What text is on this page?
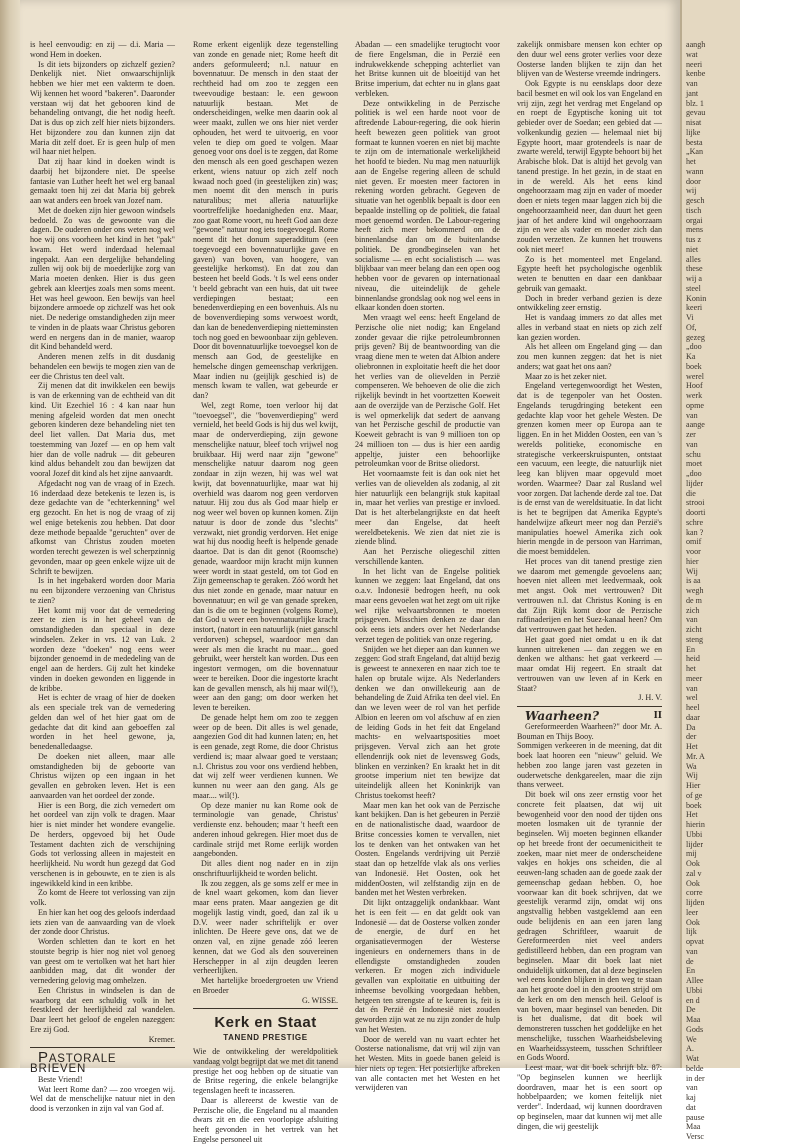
is heel eenvoudig: en zij — d.i. Maria — wond Hem in doeken.

Is dit iets bijzonders op zichzelf gezien? Denkelijk niet. Niet onwaarschijnlijk hebben we hier met een vakterm te doen. Wij kennen het woord "bakeren". Daaronder verstaan wij dat het gebooren kind de behandeling ontvangt, die het nodig heeft. Dat is dus op zich zelf hier niets bijzonders. Het bijzondere zou dan kunnen zijn dat Maria dit zelf doet. Er is geen hulp of men wil haar niet helpen.

Dat zij haar kind in doeken windt is daarbij het bijzondere niet. De speelse fantasie van Luther heeft het wel erg banaal gemaakt toen hij zei dat Maria bij gebrek aan wat anders een broek van Jozef nam.

Met de doeken zijn hier gewoon windsels bedoeld. Zo was de gewoonte van die dagen. De ouderen onder ons weten nog wel hoe wij ons voorheen het kind in het "pak" kwam. Het werd inderdaad helemaal ingepakt. Aan een dergelijke behandeling zullen wij ook bij de moederlijke zorg van Maria moeten denken. Hier is dus geen gebrek aan kleertjes zoals men soms meent. Het was heel gewoon. Een bewijs van heel bijzondere armoede op zichzelf was het ook niet. De nederige omstandigheden zijn meer te vinden in de plaats waar Christus geboren werd en nergens dan in de manier, waarop dit Kind behandeld werd.

Anderen menen zelfs in dit dusdanig behandelen een bewijs te mogen zien van de eer die Christus ten deel valt.

Zij menen dat dit inwikkelen een bewijs is van de erkenning van de echtheid van dit kind. Uit Ezechiel 16 : 4 kan naar hun mening afgeleid worden dat men onecht geboren kinderen deze behandeling niet ten deel liet vallen. Dat Maria dus, met toestemming van Jozef — en op hem valt hier dan de volle nadruk — dit gebeuren kind aldus behandelt zou dan bewijzen dat vooral Jozef dit kind als het zijne aanvaardt.

Afgedacht nog van de vraag of in Ezech. 16 inderdaad deze betekenis te lezen is, is deze gedachte van de "echterkenning" wel erg gezocht. En het is nog de vraag of zij wel enige betekenis zou hebben. Dat door deze methode bepaalde "geruchten" over de afkomst van Christus zouden moeten worden terecht gewezen is wel scherpzinnig gevonden, maar op geen enkele wijze uit de Schrift te bewijzen.

Is in het ingebakerd worden door Maria nu een bijzondere verzoening van Christus te zien?

Het komt mij voor dat de vernedering zeer te zien is in het geheel van de omstandigheden dan speciaal in deze windselen. Zeker in vrs. 12 van Luk. 2 worden deze "doeken" nog eens weer bijzonder genoemd in de mededeling van de engel aan de herders. Gij zult het kindeke vinden in doeken gewonden en liggende in de kribbe.

Het is echter de vraag of hier de doeken als een speciale trek van de vernedering gelden dan wel of het hier gaat om de gedachte dat dit kind aan geboeffen zal worden in het heel gewone, ja, benedenalledaagse.

De doeken niet alleen, maar alle omstandigheden bij de geboorte van Christus wijzen op een ingaan in het gevallen en gebroken leven. Het is een aanvaarden van het oordeel der zonde.

Hier is een Borg, die zich vernedert om het oordeel van zijn volk te dragen. Maar hier is niet minder het wondere evangelie. De herders, opgevoed bij het Oude Testament dachten zich de verschijning Gods tot verlossing alleen in majesteit en heerlijkheid. Nu wordt hun gezegd dat God verschenen is in gebouwte, en te zien is als ingewikkeld kind in een kribbe.

Zo komt de Heere tot verlossing van zijn volk.

En hier kan het oog des geloofs inderdaad iets zien van de aanvaarding van de vloek der zonde door Christus.

Worden schletten dan te kort en het stoutste begrip is hier nog niet vol genoeg van geest om te vertolken wat het hart hier aanbidden mag, dat dit wonder der vernedering gelovig mag omhelzen.

Een Christus in windselen is dan de waarborg dat een schuldig volk in het feestkleed der heerlijkheid zal wandelen. Daar leert het geloof de engelen nazeggen: Ere zij God.

Kremer.

PASTORALE BRIEVEN

Beste Vriend!

Wat leert Rome dan? — zoo vroegen wij. Wel dat de menschelijke natuur niet in den dood is verzonken in zijn val van God af.

Rome erkent eigenlijk deze tegenstelling van zonde en genade niet; Rome heeft dit anders geformuleerd; n.l. natuur en bovennatuur. De mensch in den staat der rechtheid had om zoo te zeggen een tweevoudige bestaan: le. een gewoon natuurlijk bestaan. Met de onderscheidingen, welke men daarin ook al weer maakt, zullen we ons hier niet verder ophouden, het werd te uitvoerig, en voor velen te diep om goed te volgen. Maar genoeg voor ons doel is te zeggen, dat Rome den mensch als een goed geschapen wezen erkent, wiens natuur op zich zelf noch kwaad noch goed (in geestelijken zin) was; men noemt dit den mensch in puris naturalibus; met alleria natuurlijke voortreffelijke hoedanigheden enz. Maar, zoo gaat Rome voort, nu heeft God aan deze "gewone" natuur nog iets toegevoegd. Rome noemt dit het donum superadditum (een toegevoegd een bovennatuurlijke gave en gaven) van boven, van hoogere, van geestelijke herkomst). En dat zou dan besteen het beeld Gods. 't Is wel eens onder 't beeld gebracht van een huis, dat uit twee verdiepingen bestaat; een benedenverdieping en een bovenhuis. Als nu de bovenverdieping soms verwoest wordt, dan kan de benedenverdieping nietteminsten toch nog goed en bewoonbaar zijn gebleven. Door dit bovennatuurlijke toevoegsel kon de mensch aan God, de geestelijke en hemelsche dingen gemeenschap verkrijgen. Maar indien nu (geijlijk geschied is) de mensch kwam te vallen, wat gebeurde er dan?

Wel, zegt Rome, toen verloor hij dat "toevoegsel", die "bovenverdieping" werd vernield, het beeld Gods is hij dus wel kwijt, maar de onderverdieping, zijn gewone menschelijke natuur, bleef toch vrijwel nog bruikbaar. Hij werd naar zijn "gewone" menschelijke natuur daarom nog geen zondaar in zijn wezen, hij was wel wat kwijt, dat bovennatuurlijke, maar wat hij overhield was daarom nog geen verdorven natuur. Hij zou dus als God maar hielp er nog weer wel boven op kunnen komen. Zijn natuur is door de zonde dus "slechts" verzwakt, niet grondig verdorven. Het enige wat hij dus noodig heeft is helpende genade daartoe. Dat is dan dit genot (Roomsche) genade, waardoor mijn kracht mijn kunnen weer wordt in staat gesteld, om tot God en Zijn gemeenschap te geraken. Zóó wordt het dus niet zonde en genade, maar natuur en bovennatuur; en wil ge van genade spreken, dan is die om te beginnen (volgens Rome), dat God u weer een bovennatuurlijke kracht instort, (natort in een natuurlijk (niet ganschl verdorven) schepsel, waardoor men dan weer als men die kracht nu maar.... goed gebruikt, weer herstelt kan worden. Dus een ingestort vermogen, om die bovennatuur weer te bereiken. Door die ingestorte kracht kan de gevallen mensch, als hij maar wil(!), weer aan den gang; om door werken het leven te bereiken.

De genade helpt hem om zoo te zeggen weer op de been. Dit alles is wel genade, aangezien God dit had kunnen laten; en, het is een genade, zegt Rome, die door Christus verdiend is; maar alwaar goed te verstaan; n.l. Christus zou voor ons verdiend hebben, dat wij zelf weer verdienen kunnen. We kunnen nu weer aan den gang. Als ge maar.... wil(!).

Op deze manier nu kan Rome ook de terminologie van genade, Christus' verdienste enz. behouden; maar 't heeft een anderen inhoud gekregen. Hier moet dus de cardinale strijd met Rome eerlijk worden aangebonden.

Dit alles dient nog nader en in zijn onschriftuurlijkheid te worden belicht.

Ik zou zeggen, als ge soms zelf er mee in de knel waart gekomen, kom dan liever maar eens praten. Maar aangezien ge dit mogelijk lastig vindt, goed, dan zal ik u D.V. weer nader schriftelijk er over inlichten. De Heere geve ons, dat we de onzen val, en zijne genade zóó leeren kennen, dat we God als den souvereinen Herschepper in al zijn deugden leeren verheerlijken.

Met hartelijke broedergroeten uw Vriend en Broeder

G. WISSE.

Kerk en Staat
TANEND PRESTIGE

Wie de ontwikkeling der wereldpolitiek vandaag volgt begrijpt dat we met dit tanend prestige het oog hebben op de situatie van de Britse regering, die enkele belangrijke tegenslagen heeft te incasseren.

Daar is allereerst de kwestie van de Perzische olie, die Engeland nu al maanden dwars zit en die een voorlopige afsluiting heeft gevonden in het vertrek van het Engelse personeel uit

Abadan — een smadelijke terugtocht voor de fiere Engelsman, die in Perzië een indrukwekkende schepping achterliet van het Britse kunnen uit de bloeitijd van het Britse imperium, dat echter nu in glans gaat verbleken.

Deze ontwikkeling in de Perzische politiek is wel een harde noot voor de aftredende Labour-regering, die ook hierin heeft bewezen geen politiek van groot formaat te kunnen voeren en niet bij machte te zijn om de internationale werkelijkheid het hoofd te bieden. Nu mag men natuurlijk aan de Engelse regering alleen de schuld niet geven. Er moesten meer factoren in rekening worden gebracht. Gegeven de situatie van het ogenblik bepaalt is door een bepaalde instelling op de politiek, die fataal moet genoemd worden. De Labour-regering heeft zich meer bekommerd om de binnenlandse dan om de buitenlandse politiek. De grondbeginselen van het socialisme — en echt socialistisch — was blijkbaar van meer belang dan een open oog hebben voor de gevaren op internationaal niveau, die uiteindelijk de gehele binnenlandse grondslag ook nog wel eens in elkaar konden doen storten.

Men vraagt wel eens: heeft Engeland de Perzische olie niet nodig; kan Engeland zonder gevaar die rijke petroleumbronnen prijs geven? Bij de beantwoording van die vraag diene men te weten dat Albion andere oliebronnen in exploitatie heeft die het door het verlies van de olievelden in Perzië compenseren. We behoeven de olie die zich rijkelijk bevindt in het voortzetten Koeweit aan de overzijde van de Perzische Golf. Het is wel opmerkelijk dat sedert de aanvang van het Perzische geschil de productie van Koeweit gebracht is van 9 millioen ton op 24 millioen ton — dus is hier een aardig appeltje, juister een behoorlijke petroleumkan voor de Britse oliedorst.

Het voornaamste feit is dan ook niet het verlies van de olievelden als zodanig, al zit hier natuurlijk een belangrijk stuk kapitaal in, maar het verlies van prestige er invloed. Dat is het alterbelangrijkste en dat heeft meer dan Engelse, dat heeft wereldbetekenis. We zien dat niet zie is ziende blind.

Aan het Perzische oliegeschil zitten verschillende kanten.

In het licht van de Engelse politiek kunnen we zeggen: laat Engeland, dat ons o.a.v. Indonesië bedrogen heeft, nu ook maar eens gevoelen wat het zegt om uit rijke wel rijke welvaartsbronnen te moeten prijsgeven. Misschien denken ze daar dan ook eens iets anders over het Nederlandse verzet tegen de politiek van onze regering.

Snijden we het dieper aan dan kunnen we zeggen: God straft Engeland, dat altijd bezig is geweest te annexeren en naar zich toe te halen op brutale wijze. Als Nederlanders denken we dan onwillekeurig aan de behandeling de Zuid Afrika ten deel viel. En dan we leven weer de rol van het perfide Albion en leeren om vol afschuw af en zien de leiding Gods in het feit dat Engeland machts- en welvaartsposities moet prijsgeven. Verval zich aan het grote ellendenrijk ook niet de levensweg Gods, blinken en verzinken? En kraakt het in dit grootse imperium niet ten bewijze dat uiteindelijk alleen het Koninkrijk van Christus toekomst heeft?

Maar men kan het ook van de Perzische kant bekijken. Dan is het gebeuren in Perzië en de nationalistische daad, waardoor de Britse concessies komen te vervallen, niet los te denken van het ontwaken van het Oosten. Engelands verdrijving uit Perzië staat dan op hetzelfde vlak als ons verlies van Indonesië. Het Oosten, ook het middenOosten, wil zelfstandig zijn en de banden met het Westen verbreken.

Dit lijkt ontzaggelijk ondankbaar. Want het is een feit — en dat geldt ook van Indonesië — dat de Oosterse volken zonder de energie, de durf en het organisatievermogen der Westerse ingenieurs en ondernemers thans in de ellendigste omstandigheden zouden verkeren. Er mogen zich individuele gevallen van exploitatie en uitbuiting der inheemse bevolking voorgedaan hebben, hetgeen ten strengste af te keuren is, feit is dat én Perzië én Indonesië niet zouden geworden zijn wat ze nu zijn zonder de hulp van het Westen.

Door de wereld van nu vaart echter het Oosterse nationalisme, dat vrij wil zijn van het Westen. Mits in goede banen geleid is hier niets op tegen. Het potsierlijke afbreken van alle contacten met het Westen en het verwijderen van

zakelijk onmisbare mensen kon echter op den duur wel eens groter verlies voor deze Oosterse landen blijken te zijn dan het blijven van de Westerse vreemde indringers.

Ook Egypte is nu eensklaps door deze bacil besmet en wil ook los van Engeland en vrij zijn, zegt het verdrag met Engeland op en roept de Egyptische koning uit tot gebieder over de Soedan; een gebied dat — volkenkundig gezien — helemaal niet bij Egypte hoort, maar grotendeels is naar de zwarte wereld, terwijl Egypte behoort bij het Arabische blok. Dat is altijd het gevolg van tanend prestige. In het gezin, in de staat en in de wereld. Als het eens kind ongehoorzaam mag zijn en vader of moeder doen er niets tegen maar laggen zich bij die ongehoorzaamheid neer, dan duurt het geen jaar of het andere kind wil ongehoorzaam zijn en wee als vader en moeder zich dan zouden verzetten. Ze kunnen het trouwens ook niet meer!

Zo is het momenteel met Engeland. Egypte heeft het psychologische ogenblik weten te benutten en daar een dankbaar gebruik van gemaakt.

Doch in breder verband gezien is deze ontwikkeling zeer ernstig.

Het is vandaag immers zo dat alles met alles in verband staat en niets op zich zelf kan gezien worden.

Als het alleen om Engeland ging — dan zou men kunnen zeggen: dat het is niet anders; wat gaat het ons aan?

Maar zo is het zeker niet.

Engeland vertegenwoordigt het Westen, dat is de tegenpoler van het Oosten. Engelands terugdringing betekent een gedachte klap voor het gehele Westen. De grenzen komen meer op Europa aan te liggen. En in het Midden Oosten, een van 's werelds politieke, economische en strategische verkeerskruispunten, ontstaat een vacuum, een leegte, die natuurlijk niet leeg kan blijven maar opgevuld moet worden. Waarmee? Daar zal Rusland wel voor zorgen. Dat lachende derde zal toe. Dat is de ernst van de wereldsituatie. In dat licht is het te begrijpen dat Amerika Egypte's handelwijze afkeurt meer nog dan Perzië's manipulaties hoewel Amerika zich ook hierin mengde in de persoon van Harriman, die moest bemiddelen.

Het proces van dit tanend prestige zien we daarom met gemengde gevoelens aan; hoeven niet alleen met leedvermaak, ook met angst. Ook met vertrouwen? Dit vertrouwen n.l. dat Christus Koning is en dat Zijn Rijk komt door de Perzische raffinaderijen en het Suez-kanaal heen? Om dat vertrouwen gaat het heden.

Het gaat goed niet omdat u en ik dat kunnen uitrekenen — dan zeggen we en denken we althans: het gaat verkeerd — maar omdat Hij regeert. En straalt dat vertrouwen van uw leven af in Kerk en Staat?

J. H. V.

Waarheen?	II

Gereformeerden Waarheen?" door Mr. A. Bouman en Thijs Booy.

Sommigen verkeeren in de meening, dat dit boek laat hooren een "nieuw" geluid. We hebben zoo lange jaren vast gezeten in ouderwetsche denkgareelen, maar die zijn thans verweet.

Dit boek wil ons zeer ernstig voor het concrete feit plaatsen, dat wij uit bewogenheid voor den nood der tijden ons moeten losmaken uit de tyrannie der beginselen. Wij moeten beginnen elkander op het breede front der oecumenicitheit te zoeken, maar niet meer de onderscheidene vakjes en hokjes ons scheiden, die al eeuwen-lang schaden aan de goede zaak der gemeenschap gedaan hebben. O, hoe voorwaar kan dit boek schrijven, dat we geestelijk verarmd zijn, omdat wij ons angstvallig hebben vastgeklemd aan een oude belijdenis en aan een jaren lang gedragen Schriftleer, waaruit de Gereformeerden niet veel anders gedistilleerd hebben, dan een program van beginselen. Maar dit boek laat niet onduidelijk uitkomen, dat al deze beginselen wel eens konden blijken in den weg te staan aan het groote doel in den grooten strijd om de kerk en om den mensch heil. Geloof is van boven, maar beginsel van beneden. Dit is het dualisme, dat dit boek wil demonstreren tusschen het goddelijke en het menschelijke, tusschen Waarheidsbeleving en Waarheidssysteem, tusschen Schriftleer en Gods Woord.

Leest maar, wat dit boek schrijft blz. 87: "Op beginselen kunnen we heerlijk doordraven, maar het is een soort op hobbelpaarden; we komen feitelijk niet verder". Inderdaad, wij kunnen doordraven op beginselen, maar dat kunnen wij met alle dingen, die wij geestelijk

aangh
wat
neeri
kenbe
van
jant
blz. 1
gevau
nisat
lijke
besta
„Kan
het
wann
door
wij
gesch
tisch
orgai
mens
tus z
niet
alles
these
wij a
steel
Konin
keeri
Vi
Of,
gezeg
„doo
Ka
boek
werel
Hoof
werk
opme
van
aange
zer
van
schu
moet
„doo
lijder
die
strooi
doorti
schre
kan ?
omif
voor
hier
Wij
is aa
wegh
de m
zich
van
zicht
steng
En
heid
het
meer
van
wel
heel
daar
Da
der
Het
Mr. A
Wa
Wij
Hier
of ge
boek
Het
hierin
Ubbi
lijder
mij
Ook
zal v
Ook
corre
lijden
leer
Ook
lijk
opvat
van
de
En
Allee
Ubbi
en d
De
Maa
Gods
We
A.
Wat
belde
in der
van
kaj
dat
pause
Maa
Versc
